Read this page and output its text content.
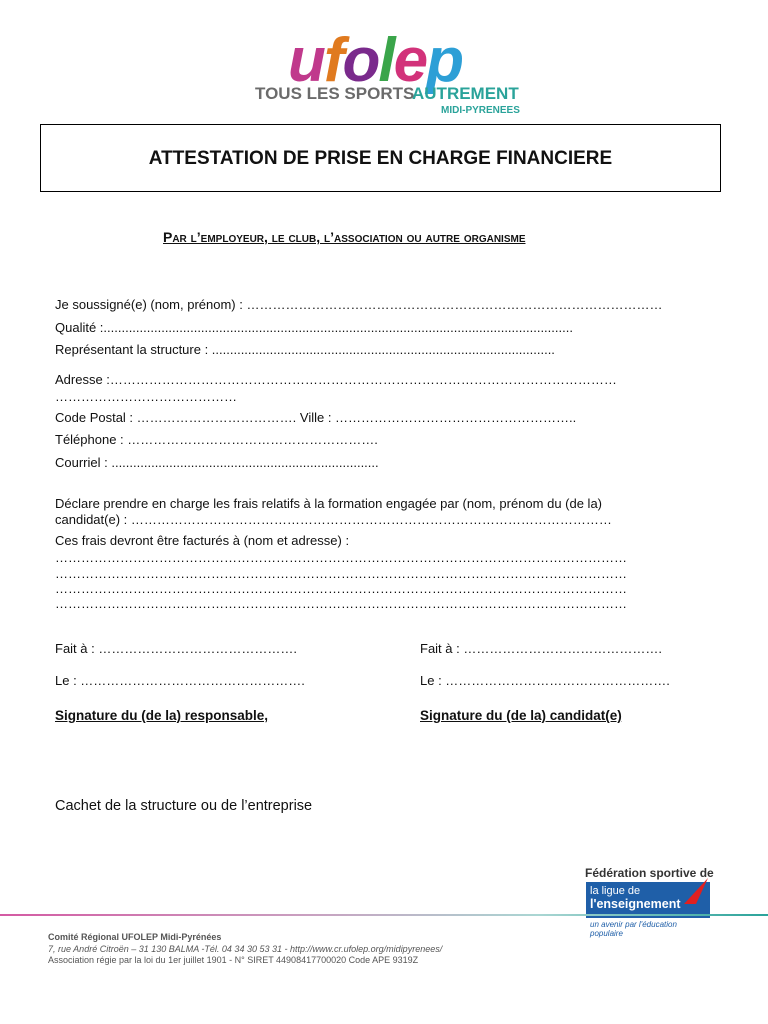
ufolep
TOUS LES SPORTS
AUTREMENT
MIDI-PYRENEES
ATTESTATION DE PRISE EN CHARGE FINANCIERE
Par l’employeur, le club, l’association ou autre organisme
Je soussigné(e) (nom, prénom) : ……………………………………………………………………………………
Qualité :..................................................................................................................................
Représentant la structure : ...............................................................................................
Adresse :………………………………………………………………………………………………………
……………………………………
Code Postal : ………………………………. Ville : ………………………………………………..
Téléphone : ………………………………………………….
Courriel : ..........................................................................
Déclare prendre en charge les frais relatifs à la formation engagée par (nom, prénom du (de la)
candidat(e) : …………………………………………………………………………………………………
Ces frais devront être facturés à (nom et adresse) :
……………………………………………………………………………………………………………………
……………………………………………………………………………………………………………………
……………………………………………………………………………………………………………………
……………………………………………………………………………………………………………………
Fait à : ……………………………………….	Fait à : ……………………………………….
Le : …………………………………………….	Le : …………………………………………….
Signature du (de la) responsable,	Signature du (de la) candidat(e)
Cachet de la structure ou de l’entreprise
Fédération sportive de
la ligue de
l'enseignement
un avenir par l'éducation populaire
Comité Régional UFOLEP Midi-Pyrénées
7, rue André Citroën – 31 130 BALMA -Tél. 04 34 30 53 31 - http://www.cr.ufolep.org/midipyrenees/
Association régie par la loi du 1er juillet 1901 - N° SIRET 44908417700020 Code APE 9319Z
